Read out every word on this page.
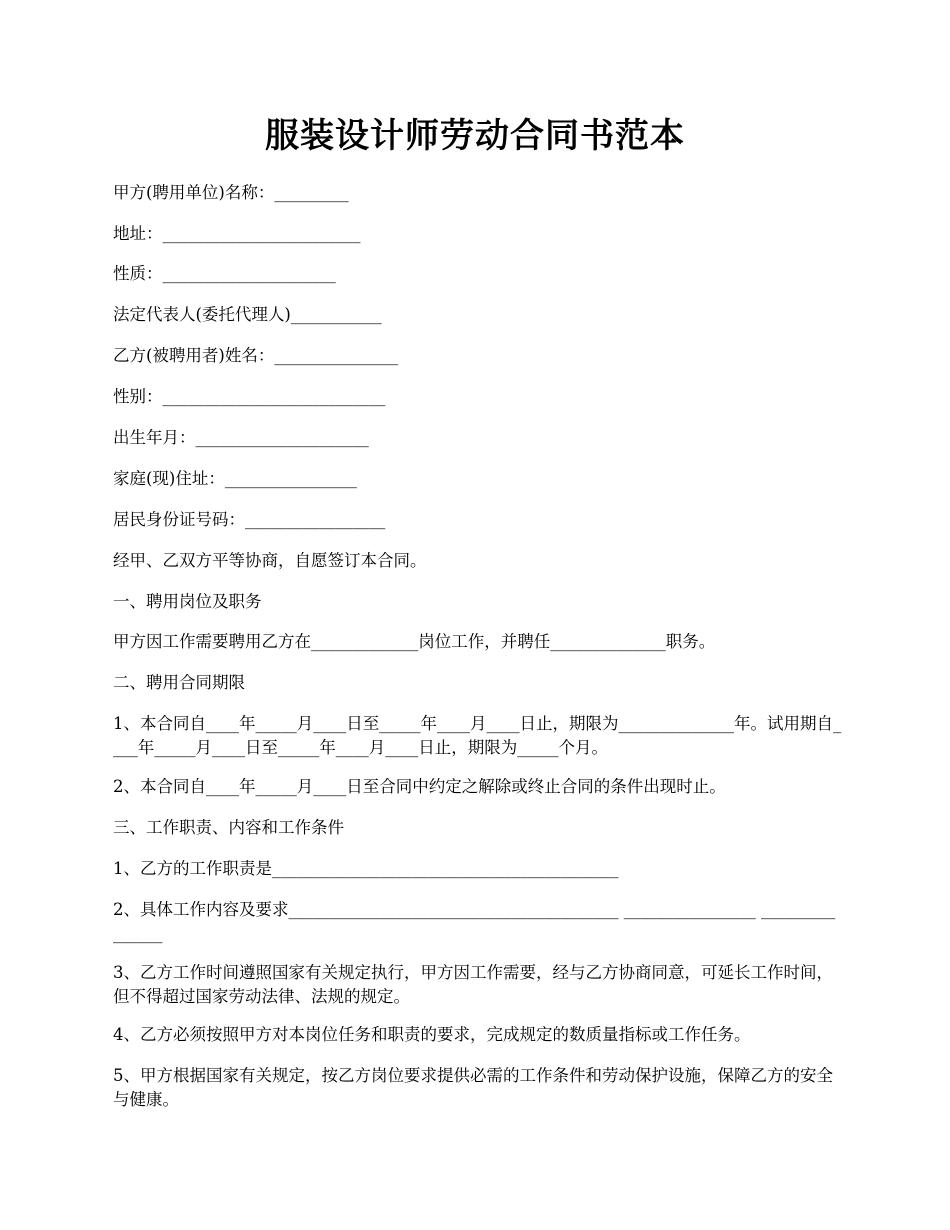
服装设计师劳动合同书范本
甲方(聘用单位)名称：_________
地址：________________________
性质：_____________________
法定代表人(委托代理人)___________
乙方(被聘用者)姓名：_______________
性别：___________________________
出生年月：_____________________
家庭(现)住址：________________
居民身份证号码：_________________
经甲、乙双方平等协商，自愿签订本合同。
一、聘用岗位及职务
甲方因工作需要聘用乙方在_____________岗位工作，并聘任______________职务。
二、聘用合同期限
1、本合同自____年_____月____日至_____年____月____日止，期限为______________年。试用期自____年_____月____日至_____年____月____日止，期限为_____个月。
2、本合同自____年_____月____日至合同中约定之解除或终止合同的条件出现时止。
三、工作职责、内容和工作条件
1、乙方的工作职责是__________________________________________
2、具体工作内容及要求________________________________________ ________________ _______________
3、乙方工作时间遵照国家有关规定执行，甲方因工作需要，经与乙方协商同意，可延长工作时间，但不得超过国家劳动法律、法规的规定。
4、乙方必须按照甲方对本岗位任务和职责的要求，完成规定的数质量指标或工作任务。
5、甲方根据国家有关规定，按乙方岗位要求提供必需的工作条件和劳动保护设施，保障乙方的安全与健康。
